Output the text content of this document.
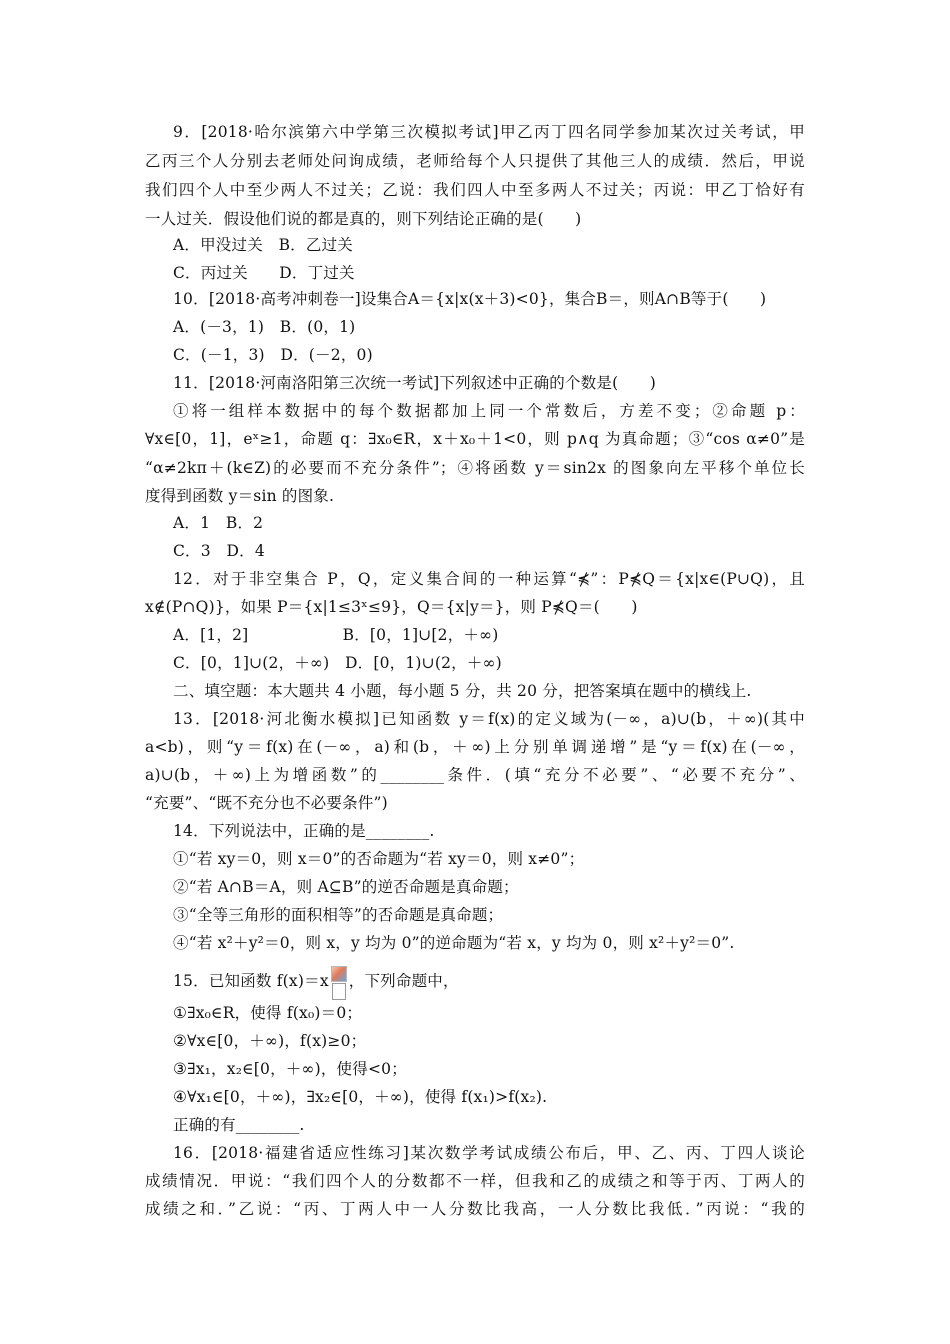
9．[2018·哈尔滨第六中学第三次模拟考试]甲乙丙丁四名同学参加某次过关考试，甲
乙丙三个人分别去老师处问询成绩，老师给每个人只提供了其他三人的成绩．然后，甲说
我们四个人中至少两人不过关；乙说：我们四人中至多两人不过关；丙说：甲乙丁恰好有
一人过关．假设他们说的都是真的，则下列结论正确的是(　　)
A．甲没过关　B．乙过关
C．丙过关　　D．丁过关
10．[2018·高考冲刺卷一]设集合A＝{x|x(x＋3)<0}，集合B＝，则A∩B等于(　　)
A．(－3，1)　B．(0，1)
C．(－1，3)　D．(－2，0)
11．[2018·河南洛阳第三次统一考试]下列叙述中正确的个数是(　　)
①将一组样本数据中的每个数据都加上同一个常数后，方差不变；②命题 p：
∀x∈[0，1]，eˣ≥1，命题 q：∃x₀∈R，x＋x₀＋1<0，则 p∧q 为真命题；③“cos α≠0”是
“α≠2kπ＋(k∈Z)的必要而不充分条件”；④将函数 y＝sin2x 的图象向左平移个单位长
度得到函数 y＝sin 的图象.
A．1　B．2
C．3　D．4
12．对于非空集合 P，Q，定义集合间的一种运算“⋠”：P⋠Q＝{x|x∈(P∪Q)，且
x∉(P∩Q)}，如果 P＝{x|1≤3ˣ≤9}，Q＝{x|y＝}，则 P⋠Q＝(　　)
A．[1，2]　　　　　　B．[0，1]∪[2，＋∞)
C．[0，1]∪(2，＋∞)　D．[0，1)∪(2，＋∞)
二、填空题：本大题共 4 小题，每小题 5 分，共 20 分，把答案填在题中的横线上.
13．[2018·河北衡水模拟]已知函数 y＝f(x)的定义域为(－∞，a)∪(b，＋∞)(其中
a<b)，则“y＝f(x)在(－∞，a)和(b，＋∞)上分别单调递增”是“y＝f(x)在(－∞，
a)∪(b，＋∞)上为增函数”的________条件．(填“充分不必要”、“必要不充分”、
“充要”、“既不充分也不必要条件”)
14．下列说法中，正确的是________.
①“若 xy＝0，则 x＝0”的否命题为“若 xy＝0，则 x≠0”；
②“若 A∩B＝A，则 A⊆B”的逆否命题是真命题；
③“全等三角形的面积相等”的否命题是真命题；
④“若 x²＋y²＝0，则 x，y 均为 0”的逆命题为“若 x，y 均为 0，则 x²＋y²＝0”.
15．已知函数 f(x)＝x ，下列命题中，
①∃x₀∈R，使得 f(x₀)＝0；
②∀x∈[0，＋∞)，f(x)≥0；
③∃x₁，x₂∈[0，＋∞)，使得<0；
④∀x₁∈[0，＋∞)，∃x₂∈[0，＋∞)，使得 f(x₁)>f(x₂).
正确的有________.
16．[2018·福建省适应性练习]某次数学考试成绩公布后，甲、乙、丙、丁四人谈论
成绩情况．甲说：“我们四个人的分数都不一样，但我和乙的成绩之和等于丙、丁两人的
成绩之和．”乙说：“丙、丁两人中一人分数比我高，一人分数比我低．”丙说：“我的
